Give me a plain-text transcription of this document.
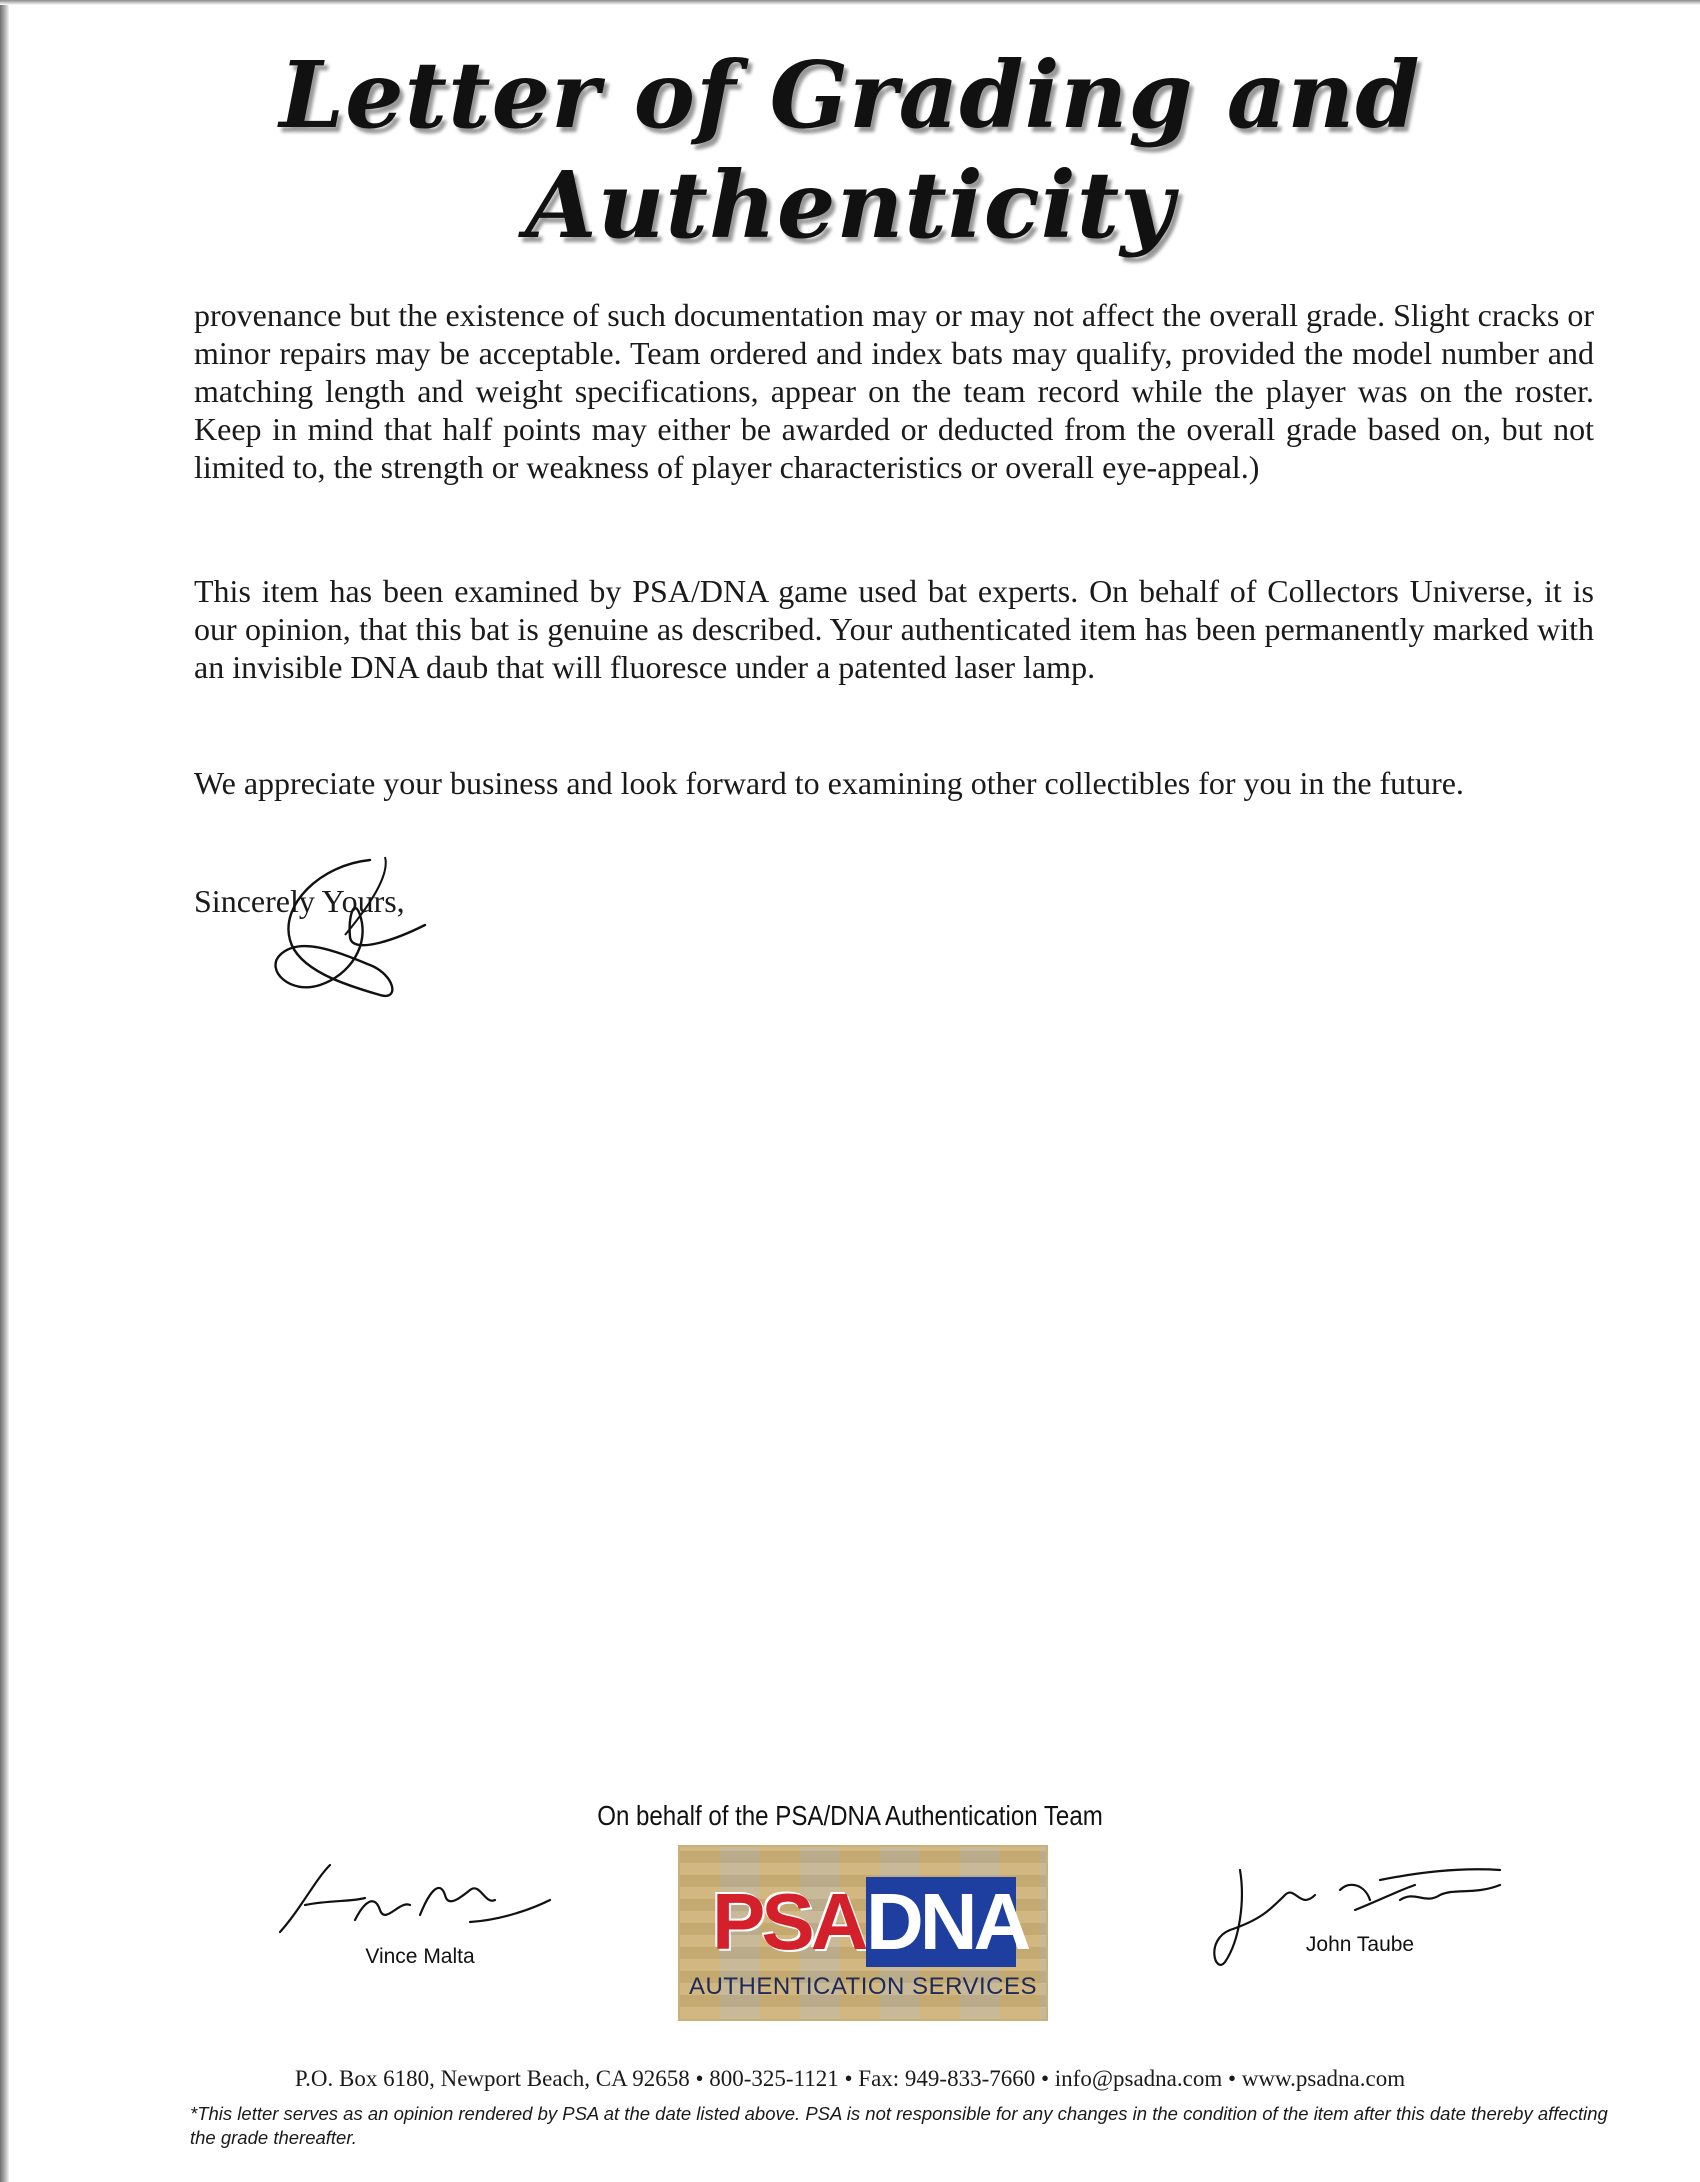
Letter of Grading and
Authenticity

provenance but the existence of such documentation may or may not affect the overall grade. Slight cracks or minor repairs may be acceptable. Team ordered and index bats may qualify, provided the model number and matching length and weight specifications, appear on the team record while the player was on the roster. Keep in mind that half points may either be awarded or deducted from the overall grade based on, but not limited to, the strength or weakness of player characteristics or overall eye-appeal.)

This item has been examined by PSA/DNA game used bat experts. On behalf of Collectors Universe, it is our opinion, that this bat is genuine as described. Your authenticated item has been permanently marked with an invisible DNA daub that will fluoresce under a patented laser lamp.

We appreciate your business and look forward to examining other collectibles for you in the future.

Sincerely Yours,

On behalf of the PSA/DNA Authentication Team

Vince Malta	PSA DNA
AUTHENTICATION SERVICES
John Taube

P.O. Box 6180, Newport Beach, CA 92658 • 800-325-1121 • Fax: 949-833-7660 • info@psadna.com • www.psadna.com

*This letter serves as an opinion rendered by PSA at the date listed above. PSA is not responsible for any changes in the condition of the item after this date thereby affecting the grade thereafter.
